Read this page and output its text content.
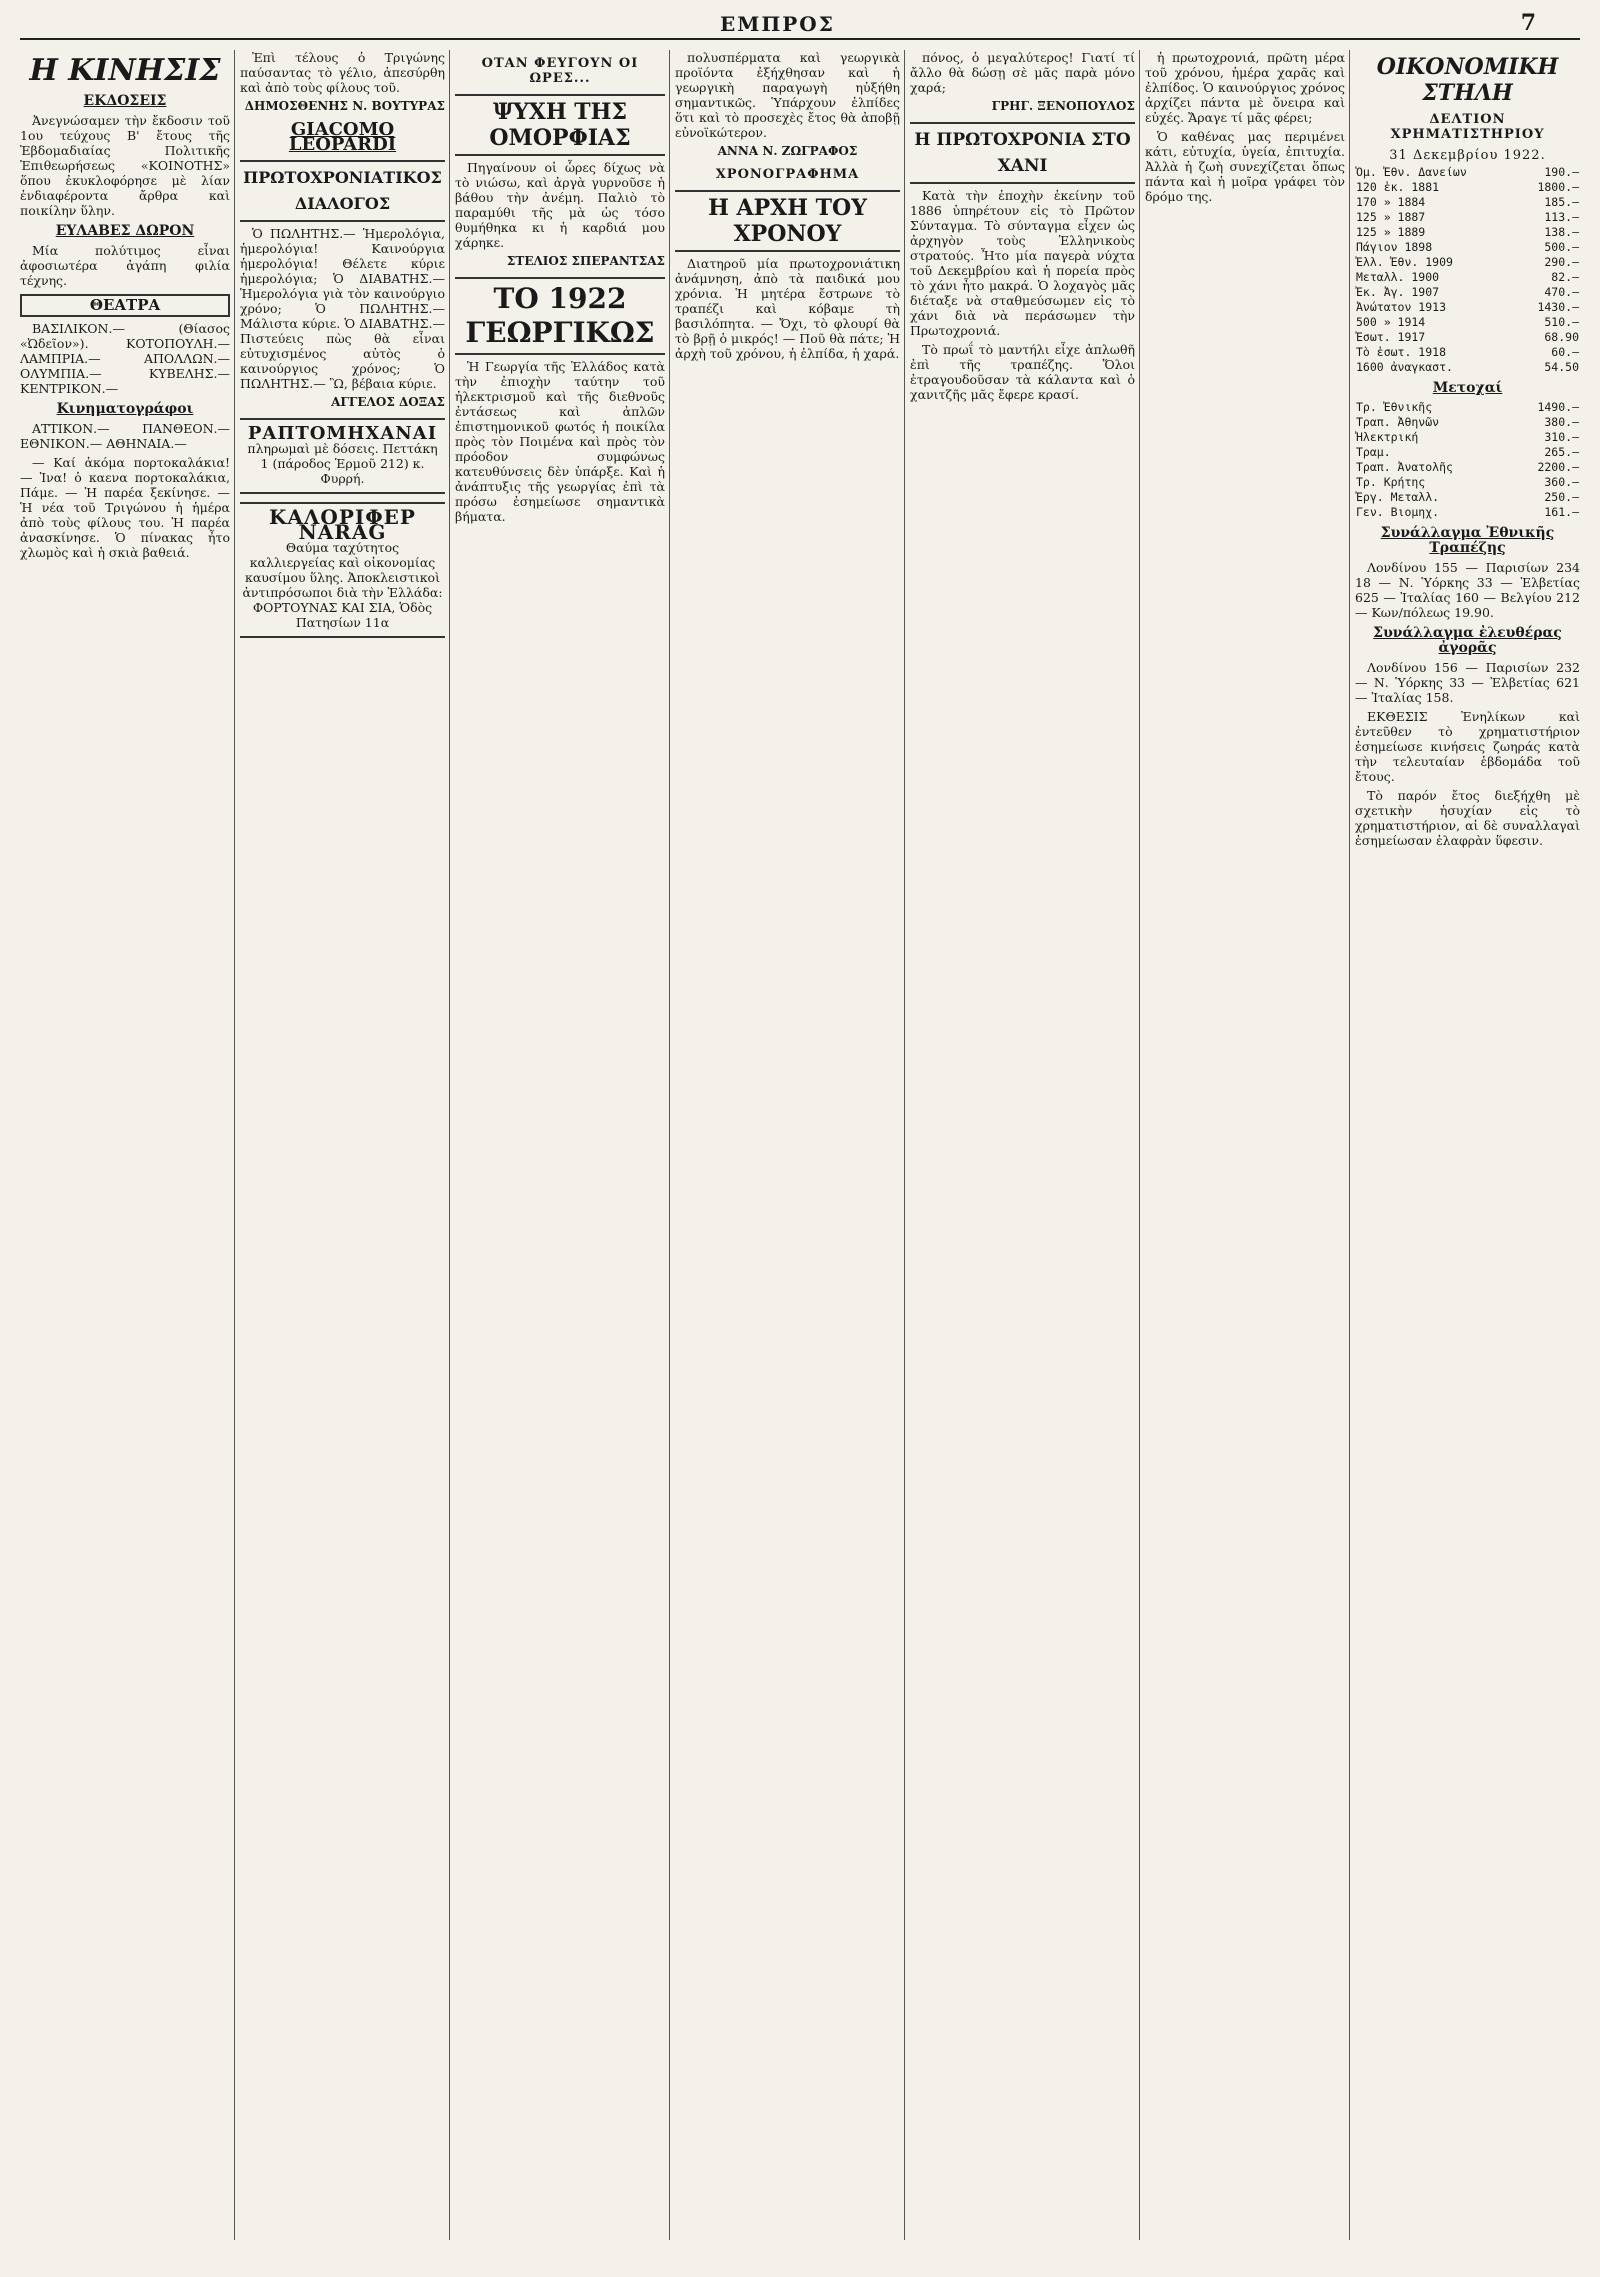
ΕΜΠΡΟΣ	7
Η ΚΙΝΗΣΙΣ
ΕΚΔΟΣΕΙΣ

Ἀνεγνώσαμεν τὴν ἔκδοσιν τοῦ 1ου τεύχους Β' ἔτους τῆς Ἑβδομαδιαίας Πολιτικῆς Ἐπιθεωρήσεως «ΚΟΙΝΟΤΗΣ» ὅπου ἐκυκλοφόρησε μὲ λίαν ἐνδιαφέροντα ἄρθρα καὶ ποικίλην ὕλην.

ΕΥΛΑΒΕΣ ΔΩΡΟΝ

Μία πολύτιμος εἶναι ἀφοσιωτέρα ἀγάπη φιλία τέχνης.

ΘΕΑΤΡΑ

ΒΑΣΙΛΙΚΟΝ.— (Θίασος «Ὠδεῖον»). ΚΟΤΟΠΟΥΛΗ.— ΛΑΜΠΡΙΑ.— ΑΠΟΛΛΩΝ.— ΟΛΥΜΠΙΑ.— ΚΥΒΕΛΗΣ.— ΚΕΝΤΡΙΚΟΝ.—

Κινηματογράφοι

ΑΤΤΙΚΟΝ.— ΠΑΝΘΕΟΝ.— ΕΘΝΙΚΟΝ.— ΑΘΗΝΑΙΑ.—

— Καί ἀκόμα πορτοκαλάκια! — Ἰνα! ὁ καενα πορτοκαλάκια, Πάμε. — Ἡ παρέα ξεκίνησε. — Ἡ νέα τοῦ Τριγώνου ἡ ἡμέρα ἀπὸ τοὺς φίλους του. Ἡ παρέα ἀνασκίνησε. Ὁ πίνακας ἦτο χλωμὸς καὶ ἡ σκιὰ βαθειά.

Ἐπὶ τέλους ὁ Τριγώνης παύσαντας τὸ γέλιο, ἀπεσύρθη καὶ ἀπὸ τοὺς φίλους τοῦ.

ΔΗΜΟΣΘΕΝΗΣ Ν. ΒΟΥΤΥΡΑΣ
GIACOMO LEOPARDI
ΠΡΩΤΟΧΡΟΝΙΑΤΙΚΟΣ ΔΙΑΛΟΓΟΣ

Ὁ ΠΩΛΗΤΗΣ.— Ἡμερολόγια, ἡμερολόγια! Καινούργια ἡμερολόγια! Θέλετε κύριε ἡμερολόγια; Ὁ ΔΙΑΒΑΤΗΣ.— Ἡμερολόγια γιὰ τὸν καινούργιο χρόνο; Ὁ ΠΩΛΗΤΗΣ.— Μάλιστα κύριε. Ὁ ΔΙΑΒΑΤΗΣ.— Πιστεύεις πὼς θὰ εἶναι εὐτυχισμένος αὐτὸς ὁ καινούργιος χρόνος; Ὁ ΠΩΛΗΤΗΣ.— Ὢ, βέβαια κύριε.

ΑΓΓΕΛΟΣ ΔΟΞΑΣ
ΡΑΠΤΟΜΗΧΑΝΑΙ
πληρωμαὶ μὲ δόσεις. Πεττάκη 1 (πάροδος Ἑρμοῦ 212) κ. Φυρρή.
ΚΑΛΟΡΙΦΕΡ NARAG
Θαύμα ταχύτητος καλλιεργείας καὶ οἰκονομίας καυσίμου ὕλης. Ἀποκλειστικοὶ ἀντιπρόσωποι διὰ τὴν Ἑλλάδα: ΦΟΡΤΟΥΝΑΣ ΚΑΙ ΣΙΑ, Ὁδὸς Πατησίων 11α
ΟΤΑΝ ΦΕΥΓΟΥΝ ΟΙ ΩΡΕΣ...
ΨΥΧΗ ΤΗΣ ΟΜΟΡΦΙΑΣ

Πηγαίνουν οἱ ὧρες δίχως νὰ τὸ νιώσω, καὶ ἀργὰ γυρνοῦσε ἡ βάθου τὴν ἀνέμη. Παλιὸ τὸ παραμύθι τῆς μὰ ὡς τόσο θυμήθηκα κι ἡ καρδιά μου χάρηκε.

ΣΤΕΛΙΟΣ ΣΠΕΡΑΝΤΣΑΣ
ΤΟ 1922 ΓΕΩΡΓΙΚΩΣ

Ἡ Γεωργία τῆς Ἑλλάδος κατὰ τὴν ἐπιοχὴν ταύτην τοῦ ἠλεκτρισμοῦ καὶ τῆς διεθνοῦς ἐντάσεως καὶ ἀπλῶν ἐπιστημονικοῦ φωτός ἡ ποικίλα πρὸς τὸν Ποιμένα καὶ πρὸς τὸν πρόοδον συμφώνως κατευθύνσεις δὲν ὑπάρξε. Καὶ ἡ ἀνάπτυξις τῆς γεωργίας ἐπὶ τὰ πρόσω ἐσημείωσε σημαντικὰ βήματα.

πολυσπέρματα καὶ γεωργικὰ προϊόντα ἐξήχθησαν καὶ ἡ γεωργικὴ παραγωγὴ ηὐξήθη σημαντικῶς. Ὑπάρχουν ἐλπίδες ὅτι καὶ τὸ προσεχὲς ἔτος θὰ ἀποβῇ εὐνοϊκώτερον.

ΑΝΝΑ Ν. ΖΩΓΡΑΦΟΣ
ΧΡΟΝΟΓΡΑΦΗΜΑ
Η ΑΡΧΗ ΤΟΥ ΧΡΟΝΟΥ

Διατηροῦ μία πρωτοχρονιάτικη ἀνάμνηση, ἀπὸ τὰ παιδικά μου χρόνια. Ἡ μητέρα ἔστρωνε τὸ τραπέζι καὶ κόβαμε τὴ βασιλόπητα. — Ὄχι, τὸ φλουρί θὰ τὸ βρῇ ὁ μικρός! — Ποῦ θὰ πάτε; Ἡ ἀρχὴ τοῦ χρόνου, ἡ ἐλπίδα, ἡ χαρά.

πόνος, ὁ μεγαλύτερος! Γιατί τί ἄλλο θὰ δώσῃ σὲ μᾶς παρὰ μόνο χαρά;

ΓΡΗΓ. ΞΕΝΟΠΟΥΛΟΣ
Η ΠΡΩΤΟΧΡΟΝΙΑ ΣΤΟ ΧΑΝΙ

Κατὰ τὴν ἐποχὴν ἐκείνην τοῦ 1886 ὑπηρέτουν εἰς τὸ Πρῶτον Σύνταγμα. Τὸ σύνταγμα εἶχεν ὡς ἀρχηγὸν τοὺς Ἑλληνικοὺς στρατούς. Ἦτο μία παγερὰ νύχτα τοῦ Δεκεμβρίου καὶ ἡ πορεία πρὸς τὸ χάνι ἦτο μακρά. Ὁ λοχαγὸς μᾶς διέταξε νὰ σταθμεύσωμεν εἰς τὸ χάνι διὰ νὰ περάσωμεν τὴν Πρωτοχρονιά.

Τὸ πρωΐ τὸ μαντήλι εἶχε ἀπλωθῆ ἐπὶ τῆς τραπέζης. Ὅλοι ἐτραγουδοῦσαν τὰ κάλαντα καὶ ὁ χανιτζῆς μᾶς ἔφερε κρασί.

ἡ πρωτοχρονιά, πρῶτη μέρα τοῦ χρόνου, ἡμέρα χαρᾶς καὶ ἐλπίδος. Ὁ καινούργιος χρόνος ἀρχίζει πάντα μὲ ὄνειρα καὶ εὐχές. Ἄραγε τί μᾶς φέρει;

Ὁ καθένας μας περιμένει κάτι, εὐτυχία, ὑγεία, ἐπιτυχία. Ἀλλὰ ἡ ζωὴ συνεχίζεται ὅπως πάντα καὶ ἡ μοῖρα γράφει τὸν δρόμο της.

ΟΙΚΟΝΟΜΙΚΗ ΣΤΗΛΗ
ΔΕΛΤΙΟΝ ΧΡΗΜΑΤΙΣΤΗΡΙΟΥ
31 Δεκεμβρίου 1922.
Ὁμ. Ἐθν. Δανείων	190.—
120 ἑκ. 1881	1800.—
170 » 1884	185.—
125 » 1887	113.—
125 » 1889	138.—
Πάγιον 1898	500.—
Ἐλλ. Ἐθν. 1909	290.—
Μεταλλ. 1900	82.—
Ἐκ. Ἀγ. 1907	470.—
Ἀνώτατον 1913	1430.—
500 » 1914	510.—
Ἐσωτ. 1917	68.90
Τὸ ἐσωτ. 1918	60.—
1600 ἀναγκαστ.	54.50
Μετοχαί
Τρ. Ἐθνικῆς	1490.—
Τραπ. Ἀθηνῶν	380.—
Ἠλεκτρική	310.—
Τραμ.	265.—
Τραπ. Ἀνατολῆς	2200.—
Τρ. Κρήτης	360.—
Ἐργ. Μεταλλ.	250.—
Γεν. Βιομηχ.	161.—
Συνάλλαγμα Ἐθνικῆς Τραπέζης

Λονδίνου 155 — Παρισίων 234 18 — Ν. Ὑόρκης 33 — Ἐλβετίας 625 — Ἰταλίας 160 — Βελγίου 212 — Κων/πόλεως 19.90.

Συνάλλαγμα ἐλευθέρας ἀγορᾶς

Λονδίνου 156 — Παρισίων 232 — Ν. Ὑόρκης 33 — Ἐλβετίας 621 — Ἰταλίας 158.

ΕΚΘΕΣΙΣ Ἐνηλίκων καὶ ἐντεῦθεν τὸ χρηματιστήριον ἐσημείωσε κινήσεις ζωηράς κατὰ τὴν τελευταίαν ἑβδομάδα τοῦ ἔτους.

Τὸ παρόν ἔτος διεξήχθη μὲ σχετικὴν ἡσυχίαν εἰς τὸ χρηματιστήριον, αἱ δὲ συναλλαγαὶ ἐσημείωσαν ἐλαφρὰν ὕφεσιν.
